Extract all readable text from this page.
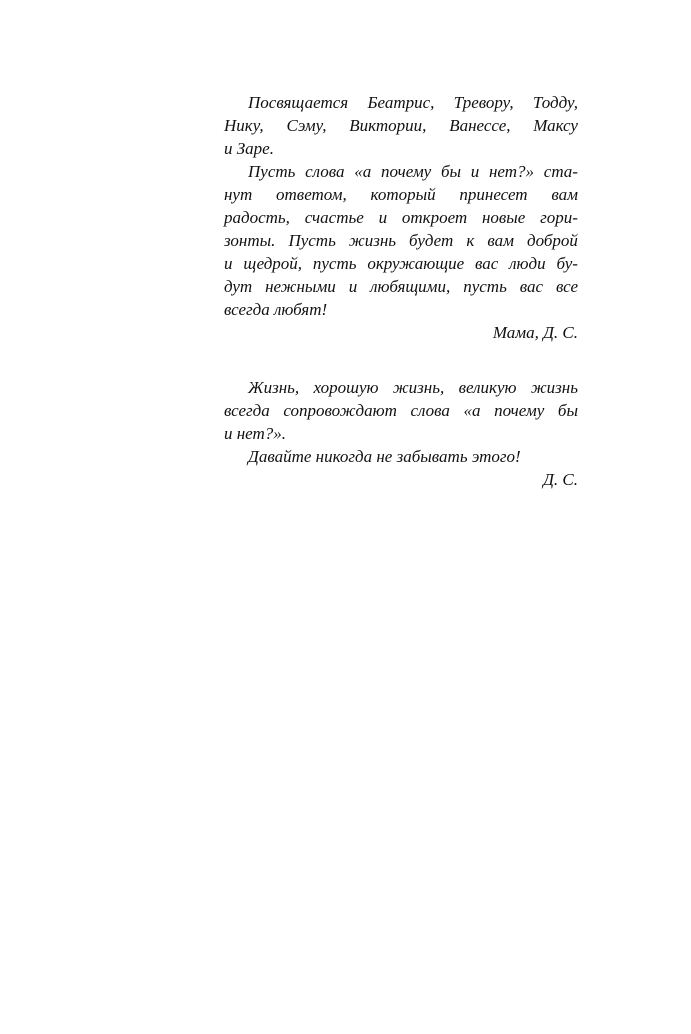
Посвящается Беатрис, Тревору, Тодду,
Нику, Сэму, Виктории, Ванессе, Максу
и Заре.
Пусть слова «а почему бы и нет?» ста-
нут ответом, который принесет вам
радость, счастье и откроет новые гори-
зонты. Пусть жизнь будет к вам доброй
и щедрой, пусть окружающие вас люди бу-
дут нежными и любящими, пусть вас все
всегда любят!
Мама, Д. С.
Жизнь, хорошую жизнь, великую жизнь
всегда сопровождают слова «а почему бы
и нет?».
Давайте никогда не забывать этого!
Д. С.
